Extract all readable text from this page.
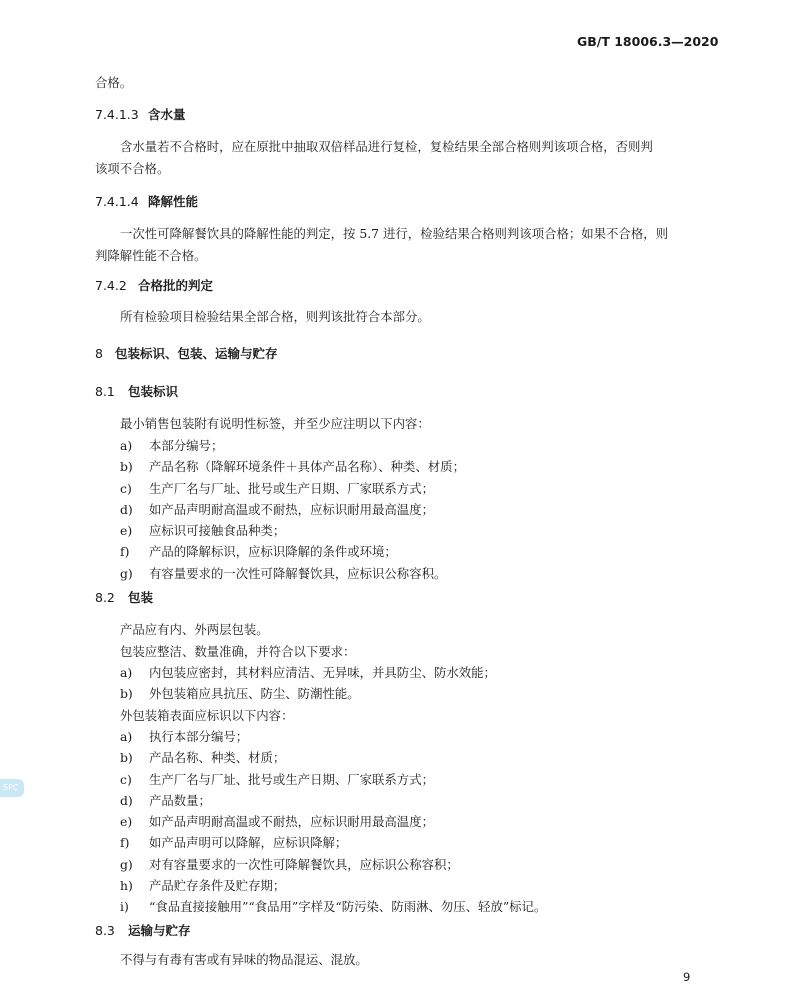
GB/T 18006.3—2020

合格。

7.4.1.3 含水量

含水量若不合格时，应在原批中抽取双倍样品进行复检，复检结果全部合格则判该项合格，否则判

该项不合格。

7.4.1.4 降解性能

一次性可降解餐饮具的降解性能的判定，按 5.7 进行，检验结果合格则判该项合格；如果不合格，则

判降解性能不合格。

7.4.2 合格批的判定

所有检验项目检验结果全部合格，则判该批符合本部分。

8 包装标识、包装、运输与贮存
8.1 包装标识

最小销售包装附有说明性标签，并至少应注明以下内容：

a) 本部分编号；
b) 产品名称（降解环境条件＋具体产品名称）、种类、材质；
c) 生产厂名与厂址、批号或生产日期、厂家联系方式；
d) 如产品声明耐高温或不耐热，应标识耐用最高温度；
e) 应标识可接触食品种类；
f) 产品的降解标识，应标识降解的条件或环境；
g) 有容量要求的一次性可降解餐饮具，应标识公称容积。
8.2 包装

产品应有内、外两层包装。

包装应整洁、数量准确，并符合以下要求：

a) 内包装应密封，其材料应清洁、无异味，并具防尘、防水效能；
b) 外包装箱应具抗压、防尘、防潮性能。

外包装箱表面应标识以下内容：

a) 执行本部分编号；
b) 产品名称、种类、材质；
c) 生产厂名与厂址、批号或生产日期、厂家联系方式；
d) 产品数量；
e) 如产品声明耐高温或不耐热，应标识耐用最高温度；
f) 如产品声明可以降解，应标识降解；
g) 对有容量要求的一次性可降解餐饮具，应标识公称容积；
h) 产品贮存条件及贮存期；
i) “食品直接接触用”“食品用”字样及“防污染、防雨淋、勿压、轻放”标记。
8.3 运输与贮存

不得与有毒有害或有异味的物品混运、混放。

9
SPC
